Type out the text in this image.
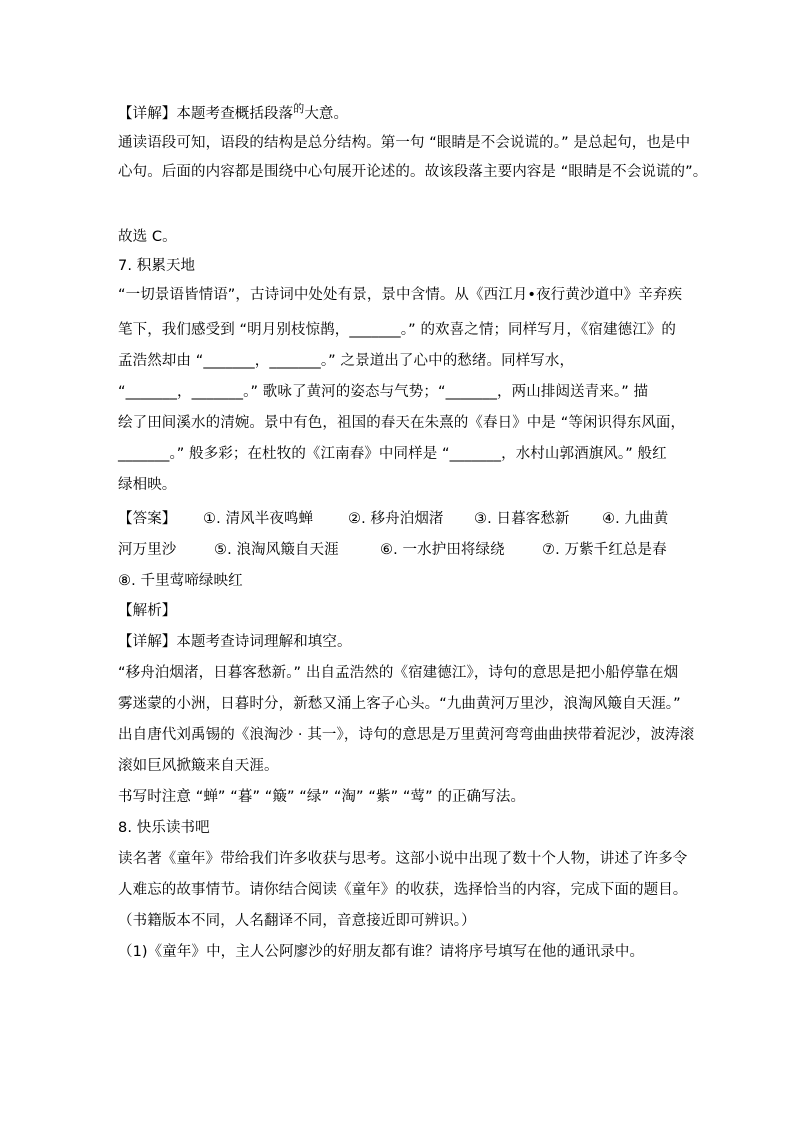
【详解】本题考查概括段落$^的$大意。
通读语段可知，语段的结构是总分结构。第一句 “眼睛是不会说谎的。” 是总起句，也是中
心句。后面的内容都是围绕中心句展开论述的。故该段落主要内容是 “眼睛是不会说谎的”。
故选 C。
7. 积累天地
“一切景语皆情语”，古诗词中处处有景，景中含情。从《西江月•夜行黄沙道中》辛弃疾
笔下，我们感受到 “明月别枝惊鹊，_______。” 的欢喜之情；同样写月，《宿建德江》的
孟浩然却由 “_______，_______。” 之景道出了心中的愁绪。同样写水，
“_______，_______。” 歌咏了黄河的姿态与气势；“_______，两山排闼送青来。” 描
绘了田间溪水的清婉。景中有色，祖国的春天在朱熹的《春日》中是 “等闲识得东风面，
_______。” 般多彩；在杜牧的《江南春》中同样是 “_______，水村山郭酒旗风。” 般红
绿相映。
【答案】 ①. 清风半夜鸣蝉 ②. 移舟泊烟渚 ③. 日暮客愁新 ④. 九曲黄
河万里沙	⑤. 浪淘风簸自天涯	⑥. 一水护田将绿绕	⑦. 万紫千红总是春
⑧. 千里莺啼绿映红
【解析】
【详解】本题考查诗词理解和填空。
“移舟泊烟渚，日暮客愁新。” 出自孟浩然的《宿建德江》，诗句的意思是把小船停靠在烟
雾迷蒙的小洲，日暮时分，新愁又涌上客子心头。“九曲黄河万里沙，浪淘风簸自天涯。”
出自唐代刘禹锡的《浪淘沙 · 其一》，诗句的意思是万里黄河弯弯曲曲挟带着泥沙，波涛滚
滚如巨风掀簸来自天涯。
书写时注意 “蝉” “暮” “簸” “绿” “淘” “紫” “莺” 的正确写法。
8. 快乐读书吧
读名著《童年》带给我们许多收获与思考。这部小说中出现了数十个人物，讲述了许多令
人难忘的故事情节。请你结合阅读《童年》的收获，选择恰当的内容，完成下面的题目。
（书籍版本不同，人名翻译不同，音意接近即可辨识。）
（1)《童年》中，主人公阿廖沙的好朋友都有谁？请将序号填写在他的通讯录中。
